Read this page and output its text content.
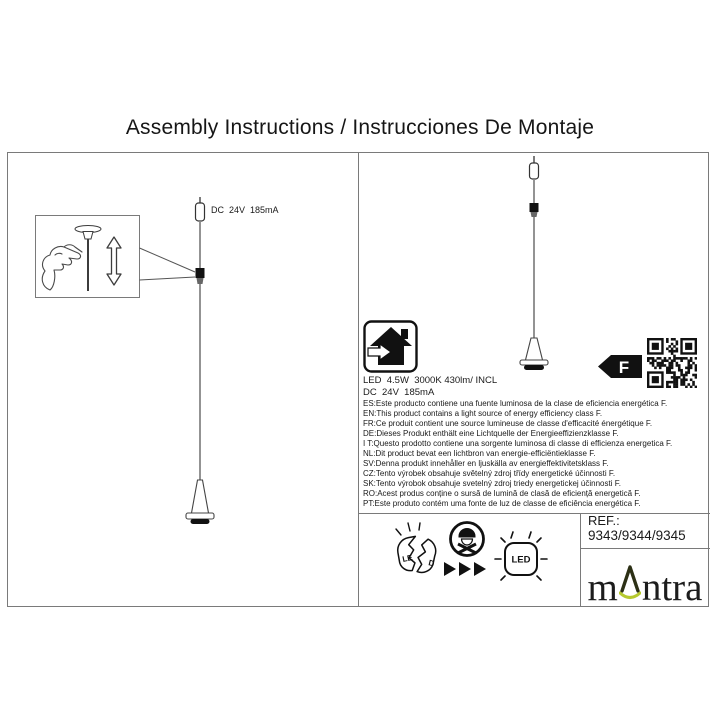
Assembly Instructions / Instrucciones De Montaje
DC  24V  185mA
LED  4.5W  3000K 430lm/ INCL
DC  24V  185mA
F
ES:Este producto contiene una fuente luminosa de la clase de eficiencia energética F.
EN:This product contains a light source of energy efficiency class F.
FR:Ce produit contient une source lumineuse de classe d'efficacité énergétique F.
DE:Dieses Produkt enthält eine Lichtquelle der Energieeffizienzklasse F.
I T:Questo prodotto contiene una sorgente luminosa di classe di efficienza energetica F.
NL:Dit product bevat een lichtbron van energie-efficiëntieklasse F.
SV:Denna produkt innehåller en ljuskälla av energieffektivitetsklass F.
CZ:Tento výrobek obsahuje světelný zdroj třídy energetické účinnosti F.
SK:Tento výrobok obsahuje svetelný zdroj triedy energetickej účinnosti F.
RO:Acest produs conține o sursă de lumină de clasă de eficiență energetică F.
PT:Este produto contém uma fonte de luz de classe de eficiência energética F.
LE D	LED
REF.:
9343/9344/9345
m ntra
